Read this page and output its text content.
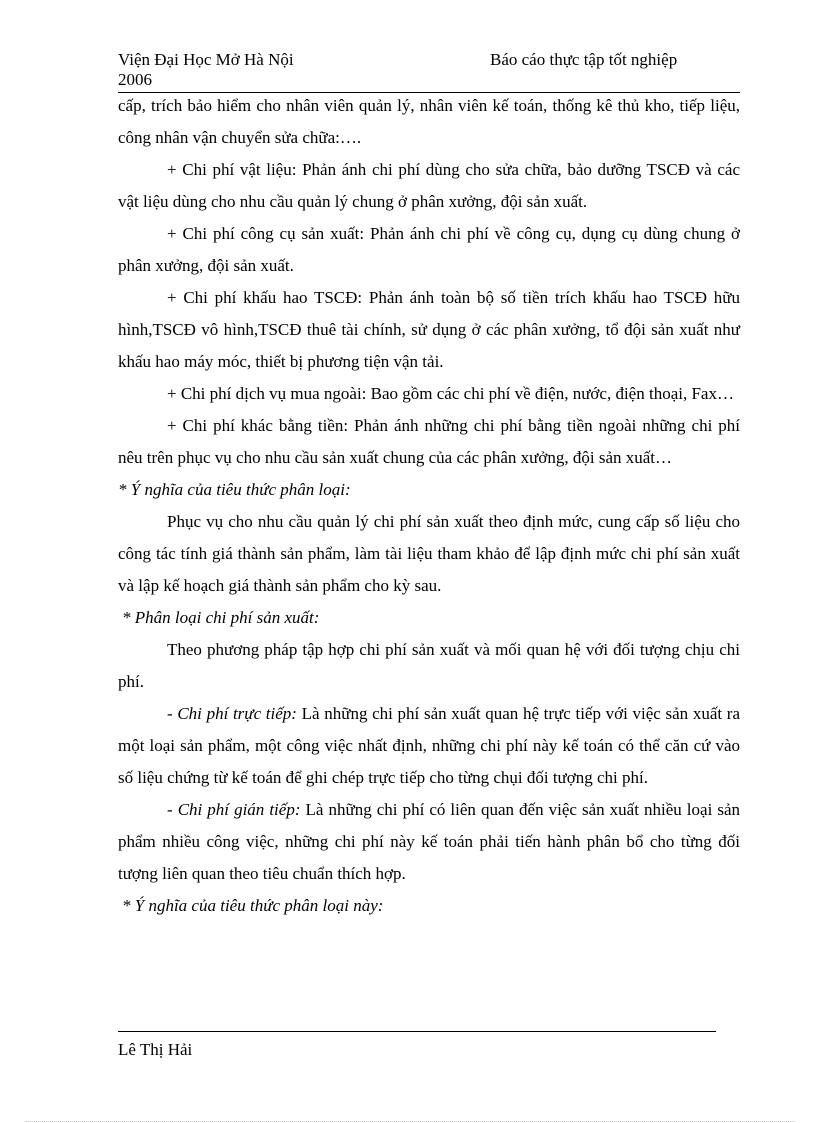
Viện Đại Học Mở Hà Nội
2006
Báo cáo thực tập tốt nghiệp

cấp, trích bảo hiểm cho nhân viên quản lý, nhân viên kế toán, thống kê thủ kho, tiếp liệu, công nhân vận chuyển sửa chữa:….

+ Chi phí vật liệu: Phản ánh chi phí dùng cho sửa chữa, bảo dưỡng TSCĐ và các vật liệu dùng cho nhu cầu quản lý chung ở phân xưởng, đội sản xuất.

+ Chi phí công cụ sản xuất: Phản ánh chi phí về công cụ, dụng cụ dùng chung ở phân xưởng, đội sản xuất.

+ Chi phí khấu hao TSCĐ: Phản ánh toàn bộ số tiền trích khấu hao TSCĐ hữu hình,TSCĐ vô hình,TSCĐ thuê tài chính, sử dụng ở các phân xưởng, tổ đội sản xuất như khấu hao máy móc, thiết bị phương tiện vận tải.

+ Chi phí dịch vụ mua ngoài: Bao gồm các chi phí về điện, nước, điện thoại, Fax…

+ Chi phí khác bằng tiền: Phản ánh những chi phí bằng tiền ngoài những chi phí nêu trên phục vụ cho nhu cầu sản xuất chung của các phân xưởng, đội sản xuất…

* Ý nghĩa của tiêu thức phân loại:

Phục vụ cho nhu cầu quản lý chi phí sản xuất theo định mức, cung cấp số liệu cho công tác tính giá thành sản phẩm, làm tài liệu tham khảo để lập định mức chi phí sản xuất và lập kế hoạch giá thành sản phẩm cho kỳ sau.

* Phân loại chi phí sản xuất:

Theo phương pháp tập hợp chi phí sản xuất và mối quan hệ với đối tượng chịu chi phí.

- Chi phí trực tiếp: Là những chi phí sản xuất quan hệ trực tiếp với việc sản xuất ra một loại sản phẩm, một công việc nhất định, những chi phí này kế toán có thể căn cứ vào số liệu chứng từ kế toán để ghi chép trực tiếp cho từng chụi đối tượng chi phí.

- Chi phí gián tiếp: Là những chi phí có liên quan đến việc sản xuất nhiều loại sản phẩm nhiều công việc, những chi phí này kế toán phải tiến hành phân bổ cho từng đối tượng liên quan theo tiêu chuẩn thích hợp.

* Ý nghĩa của tiêu thức phân loại này:

Lê Thị Hải
